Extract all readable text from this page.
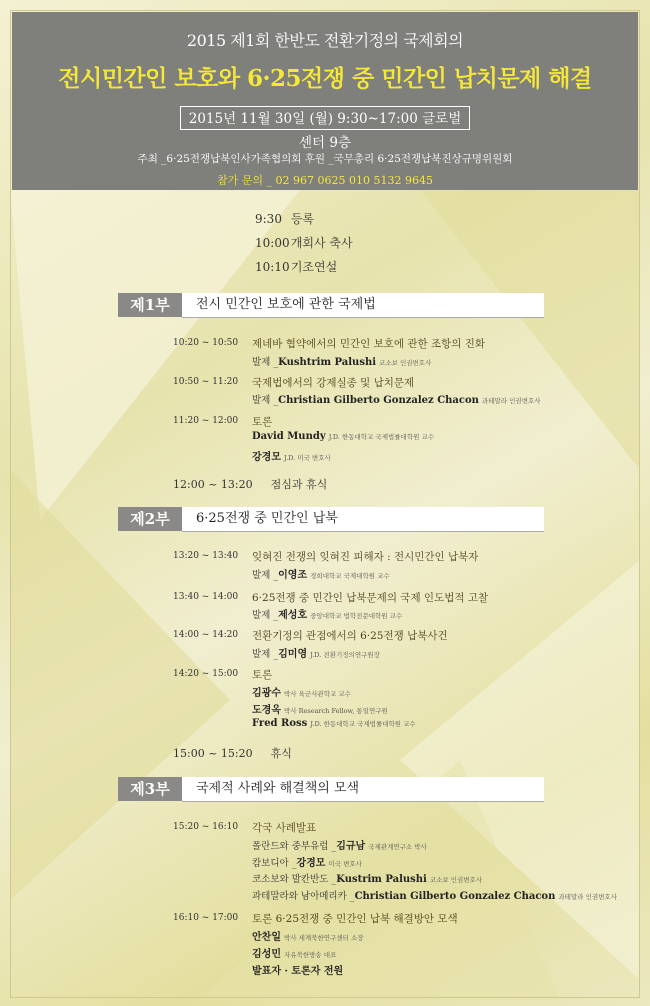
2015 제1회 한반도 전환기정의 국제회의
전시민간인 보호와 6·25전쟁 중 민간인 납치문제 해결
2015년 11월 30일 (월) 9:30~17:00 글로벌 센터 9층
주최 _6·25전쟁납북인사가족협의회 후원 _국무총리 6·25전쟁납북진상규명위원회
참가 문의 _ 02 967 0625 010 5132 9645
9:30 등록
10:00 개회사 축사
10:10 기조연설
제1부	전시 민간인 보호에 관한 국제법
10:20 ~ 10:50 제네바 협약에서의 민간인 보호에 관한 조항의 진화
발제 _Kushtrim Palushi 코소보 인권변호사
10:50 ~ 11:20 국제법에서의 강제실종 및 납치문제
발제 _Christian Gilberto Gonzalez Chacon 과테말라 인권변호사
11:20 ~ 12:00 토론
David Mundy J.D. 한동대학교 국제법률대학원 교수
강경모 J.D. 미국 변호사
12:00 ~ 13:20 점심과 휴식
제2부	6·25전쟁 중 민간인 납북
13:20 ~ 13:40 잊혀진 전쟁의 잊혀진 피해자 : 전시민간인 납북자
발제 _이영조 경희대학교 국제대학원 교수
13:40 ~ 14:00 6·25전쟁 중 민간인 납북문제의 국제 인도법적 고찰
발제 _제성호 중앙대학교 법학전문대학원 교수
14:00 ~ 14:20 전환기정의 관점에서의 6·25전쟁 납북사건
발제 _김미영 J.D. 전환기정의연구원장
14:20 ~ 15:00 토론
김광수 박사 육군사관학교 교수
도경옥 박사 Research Fellow, 통일연구원
Fred Ross J.D. 한동대학교 국제법률대학원 교수
15:00 ~ 15:20 휴식
제3부	국제적 사례와 해결책의 모색
15:20 ~ 16:10 각국 사례발표
폴란드와 중부유럽 _김규남 국제관계연구소 박사
캄보디아 _강경모 미국 변호사
코소보와 발칸반도 _Kustrim Palushi 코소보 인권변호사
과테말라와 남아메리카 _Christian Gilberto Gonzalez Chacon 과테말라 인권변호사
16:10 ~ 17:00 토론 6·25전쟁 중 민간인 납북 해결방안 모색
안찬일 박사 세계북한연구센터 소장
김성민 자유북한방송 대표
발표자 · 토론자 전원
